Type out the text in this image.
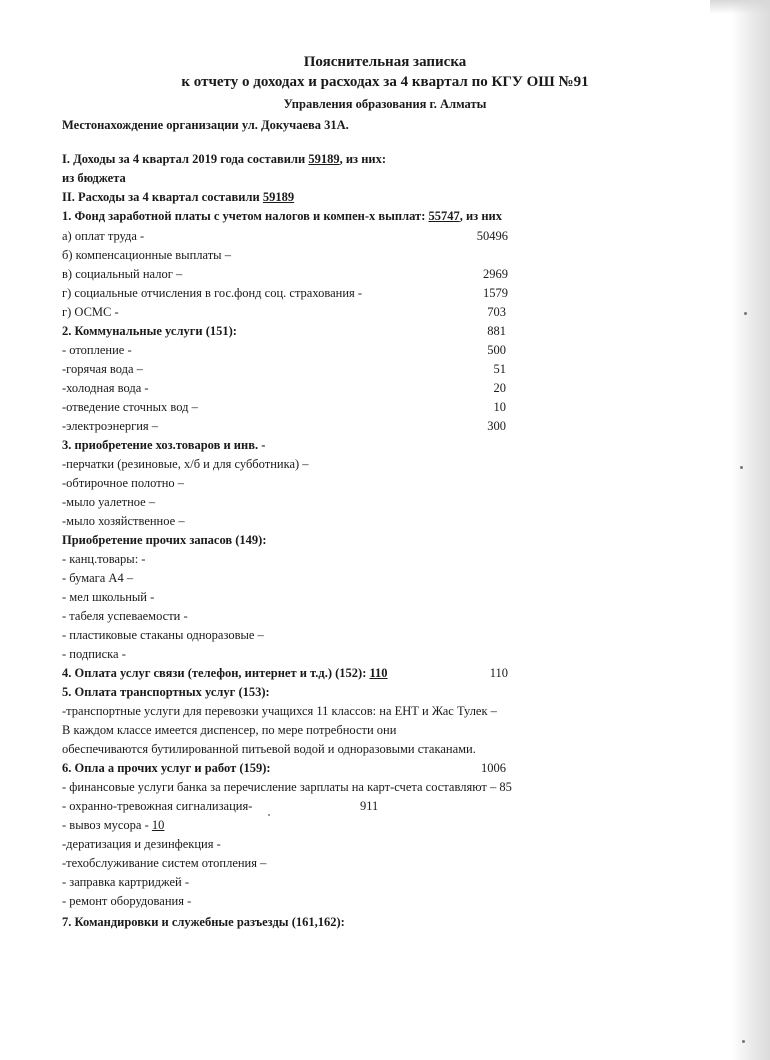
Пояснительная записка
к отчету о доходах и расходах за 4 квартал по КГУ ОШ №91
Управления образования г. Алматы
Местонахождение организации ул. Докучаева 31А.
I. Доходы за 4 квартал 2019 года составили 59189, из них:
из бюджета
II. Расходы за 4 квартал составили 59189
1. Фонд заработной платы с учетом налогов и компен-х выплат: 55747, из них
а) оплат труда -	50496
б) компенсационные выплаты –
в) социальный налог –	2969
г) социальные отчисления в гос.фонд соц. страхования -	1579
г) ОСМС -	703
2. Коммунальные услуги (151):	881
- отопление -	500
-горячая вода –	51
-холодная вода -	20
-отведение сточных вод –	10
-электроэнергия –	300
3. приобретение хоз.товаров и инв. -
-перчатки (резиновые, х/б и для субботника) –
-обтирочное полотно –
-мыло уалетное –
-мыло хозяйственное –
Приобретение прочих запасов (149):
- канц.товары: -
- бумага А4 –
- мел школьный -
- табеля успеваемости -
- пластиковые стаканы одноразовые –
- подписка -
4. Оплата услуг связи (телефон, интернет и т.д.) (152): 110	110
5. Оплата транспортных услуг (153):
-транспортные услуги для перевозки учащихся 11 классов: на ЕНТ и Жас Тулек –
В каждом классе имеется диспенсер, по мере потребности они
обеспечиваются бутилированной питьевой водой и одноразовыми стаканами.
6. Опла а прочих услуг и работ (159):	1006
- финансовые услуги банка за перечисление зарплаты на карт-счета составляют – 85
- охранно-тревожная сигнализация-	911
- вывоз мусора - 10
-дератизация и дезинфекция -
-техобслуживание систем отопления –
- заправка картриджей -
- ремонт оборудования -
7. Командировки и служебные разъезды (161,162):
